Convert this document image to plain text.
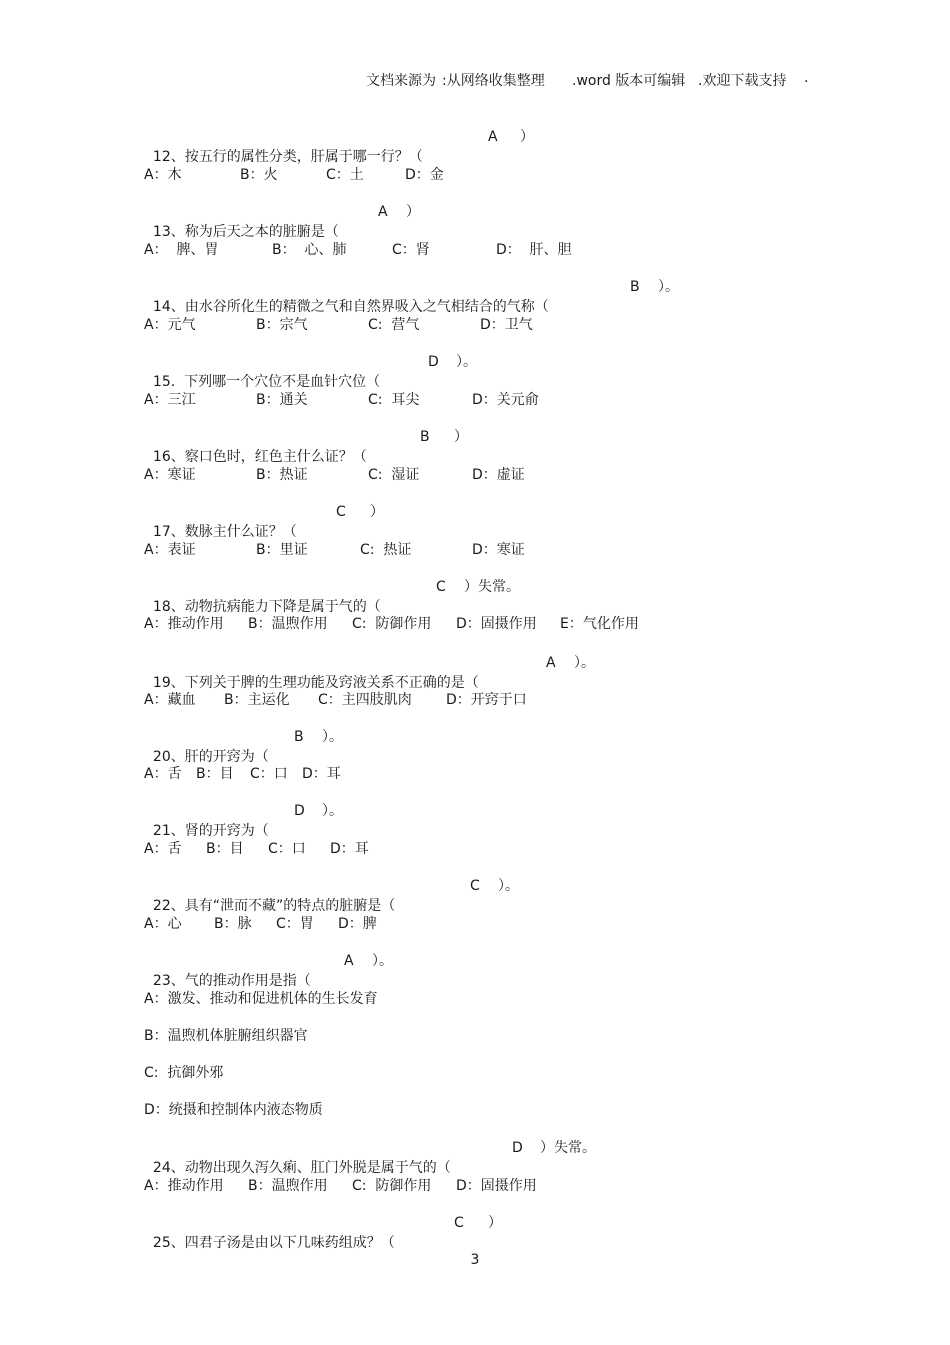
文档来源为 :从网络收集整理 .word 版本可编辑 .欢迎下载支持 .

12、按五行的属性分类，肝属于哪一行？（

A

）

A：木

	B：火

	C：土

	D：金

13、称为后天之本的脏腑是（

A

）

A：  脾、胃

	B：  心、肺

	C：肾

	D：  肝、胆

14、由水谷所化生的精微之气和自然界吸入之气相结合的气称（

B

）。

A：元气

	B：宗气

	C:  营气

	D：卫气

15.  下列哪一个穴位不是血针穴位（

D

）。

A：三江

	B：通关

	C:  耳尖

	D：关元俞

16、察口色时，红色主什么证？（

B

）

A：寒证

	B：热证

	C:  湿证

	D：虚证

17、数脉主什么证？（

C

）

A：表证

	B：里证

	C:  热证

	D：寒证

18、动物抗病能力下降是属于气的（

C

）失常。

A：推动作用

B：温煦作用

C:  防御作用

D：固摄作用

E：气化作用

19、下列关于脾的生理功能及窍液关系不正确的是（

A

）。

A：藏血

B：主运化

C：主四肢肌肉

D：开窍于口

20、肝的开窍为（

B

）。

A：舌

B：目

C：口

D：耳

21、肾的开窍为（

D

）。

A：舌

B：目

C：口

D：耳

22、具有“泄而不藏”的特点的脏腑是（

C

）。

A：心

B：脉

C：胃

D：脾

23、气的推动作用是指（

A

）。

A：激发、推动和促进机体的生长发育
B：温煦机体脏腑组织器官
C:  抗御外邪
D：统摄和控制体内液态物质

24、动物出现久泻久痢、肛门外脱是属于气的（

D

）失常。

A：推动作用

B：温煦作用

C:  防御作用

D：固摄作用

25、四君子汤是由以下几味药组成？（

C

）

3
